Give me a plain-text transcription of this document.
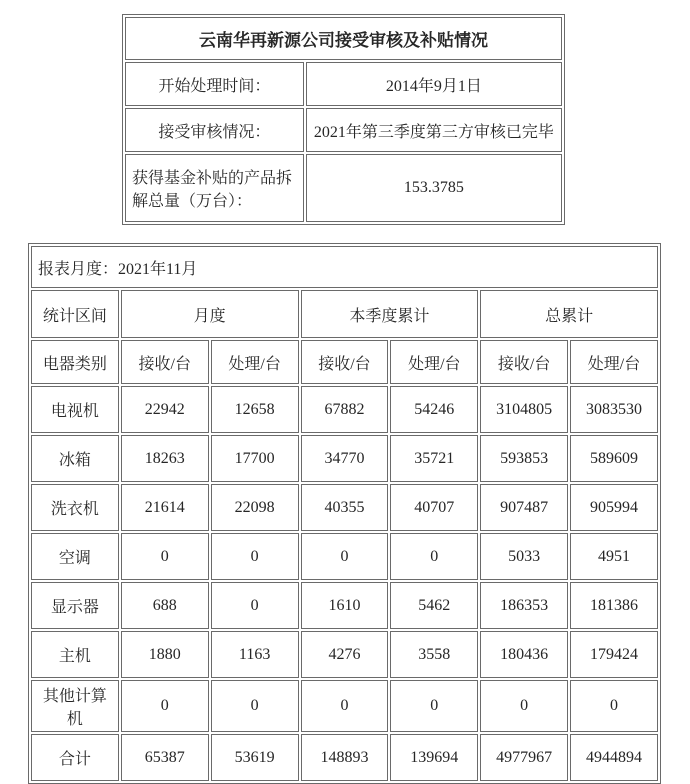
云南华再新源公司接受审核及补贴情况	
开始处理时间：	2014年9月1日
接受审核情况：	2021年第三季度第三方审核已完毕
获得基金补贴的产品拆解总量（万台）：	153.3785
报表月度：2021年11月						
统计区间	月度		本季度累计		总累计	
电器类别	接收/台	处理/台	接收/台	处理/台	接收/台	处理/台
电视机	22942	12658	67882	54246	3104805	3083530
冰箱	18263	17700	34770	35721	593853	589609
洗衣机	21614	22098	40355	40707	907487	905994
空调	0	0	0	0	5033	4951
显示器	688	0	1610	5462	186353	181386
主机	1880	1163	4276	3558	180436	179424
其他计算机	0	0	0	0	0	0
合计	65387	53619	148893	139694	4977967	4944894
